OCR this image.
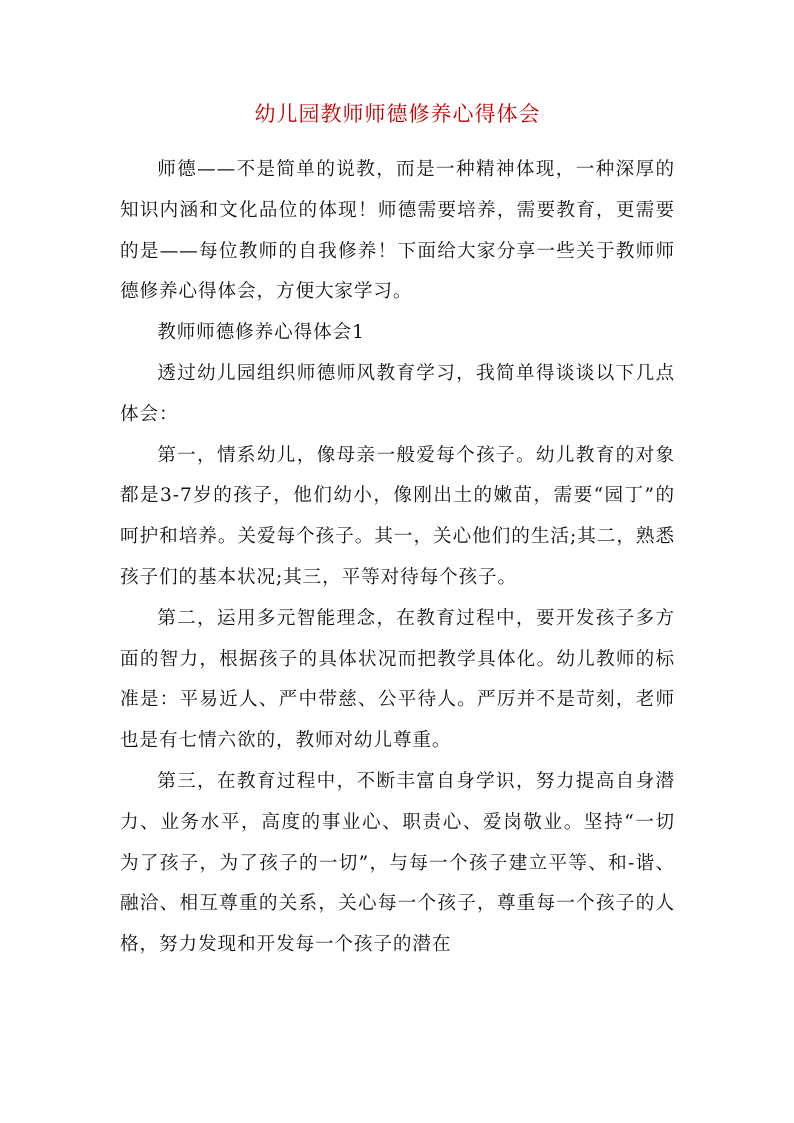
幼儿园教师师德修养心得体会

师德——不是简单的说教，而是一种精神体现，一种深厚的知识内涵和文化品位的体现！师德需要培养，需要教育，更需要的是——每位教师的自我修养！下面给大家分享一些关于教师师德修养心得体会，方便大家学习。

教师师德修养心得体会1

透过幼儿园组织师德师风教育学习，我简单得谈谈以下几点体会：

第一，情系幼儿，像母亲一般爱每个孩子。幼儿教育的对象都是3-7岁的孩子，他们幼小，像刚出土的嫩苗，需要“园丁”的呵护和培养。关爱每个孩子。其一，关心他们的生活;其二，熟悉孩子们的基本状况;其三，平等对待每个孩子。

第二，运用多元智能理念，在教育过程中，要开发孩子多方面的智力，根据孩子的具体状况而把教学具体化。幼儿教师的标准是：平易近人、严中带慈、公平待人。严厉并不是苛刻，老师也是有七情六欲的，教师对幼儿尊重。

第三，在教育过程中，不断丰富自身学识，努力提高自身潜力、业务水平，高度的事业心、职责心、爱岗敬业。坚持“一切为了孩子，为了孩子的一切”，与每一个孩子建立平等、和-谐、融洽、相互尊重的关系，关心每一个孩子，尊重每一个孩子的人格，努力发现和开发每一个孩子的潜在
